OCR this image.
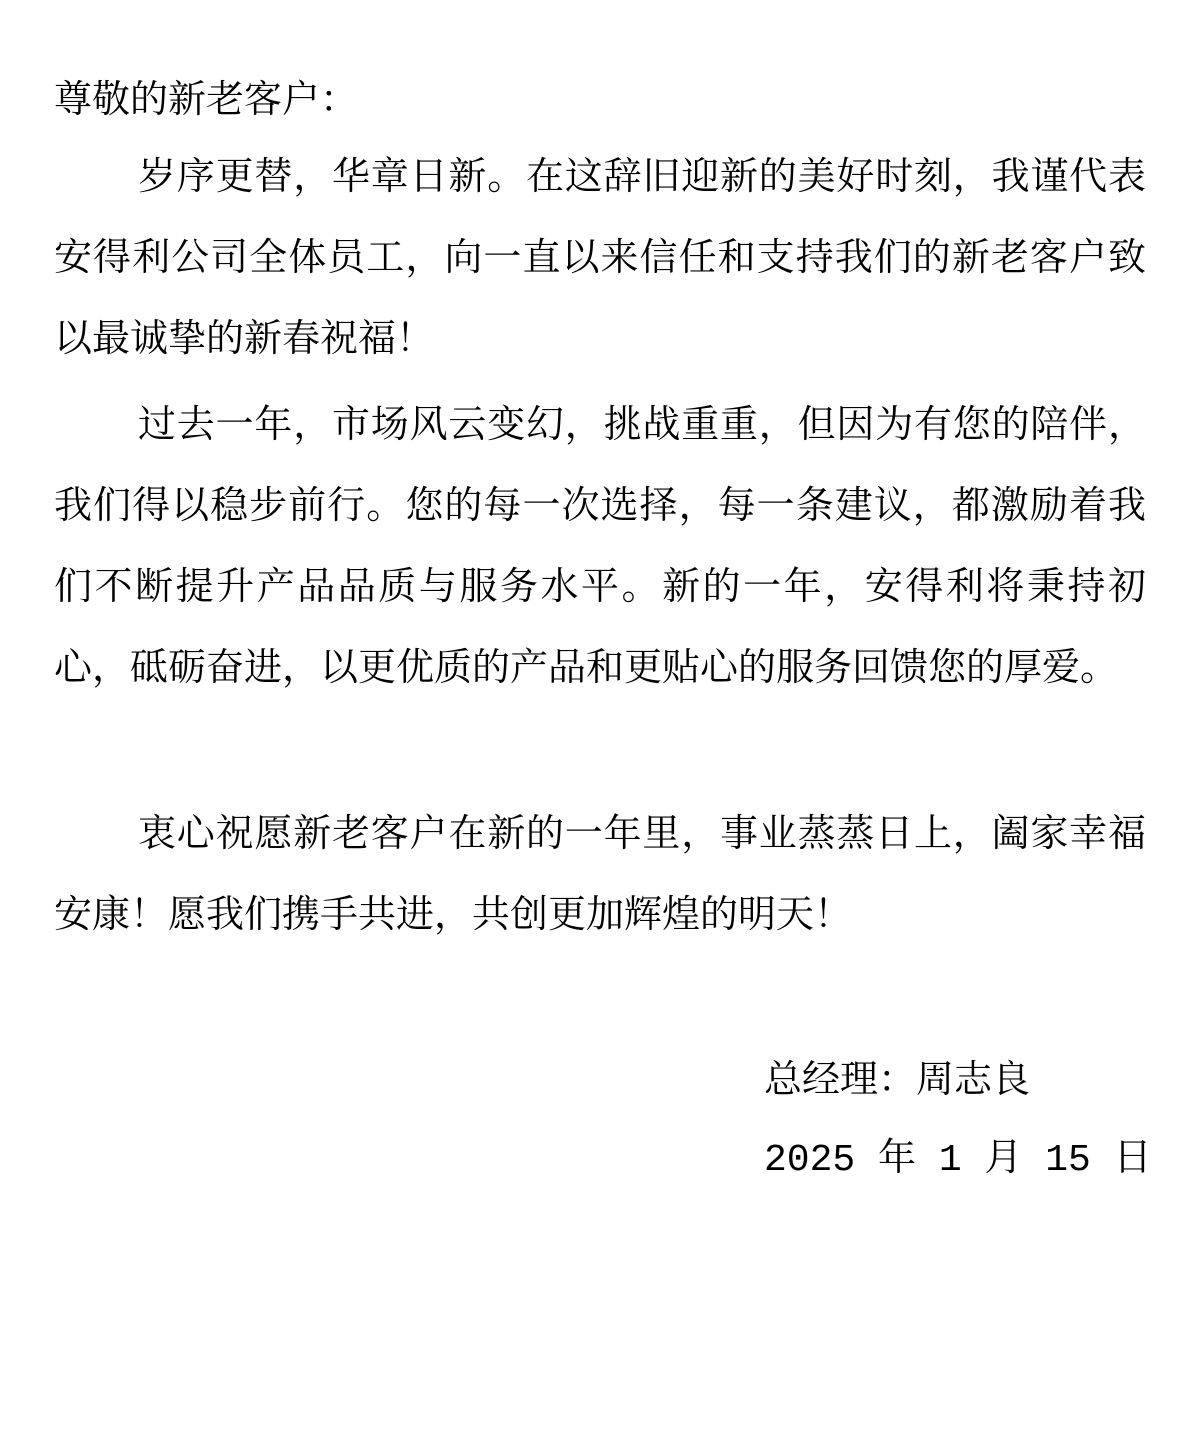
尊敬的新老客户：

岁序更替，华章日新。在这辞旧迎新的美好时刻，我谨代表安得利公司全体员工，向一直以来信任和支持我们的新老客户致以最诚挚的新春祝福！

过去一年，市场风云变幻，挑战重重，但因为有您的陪伴，我们得以稳步前行。您的每一次选择，每一条建议，都激励着我们不断提升产品品质与服务水平。新的一年，安得利将秉持初心，砥砺奋进，以更优质的产品和更贴心的服务回馈您的厚爱。

衷心祝愿新老客户在新的一年里，事业蒸蒸日上，阖家幸福安康！愿我们携手共进，共创更加辉煌的明天！

总经理：周志良

2025 年 1 月 15 日
